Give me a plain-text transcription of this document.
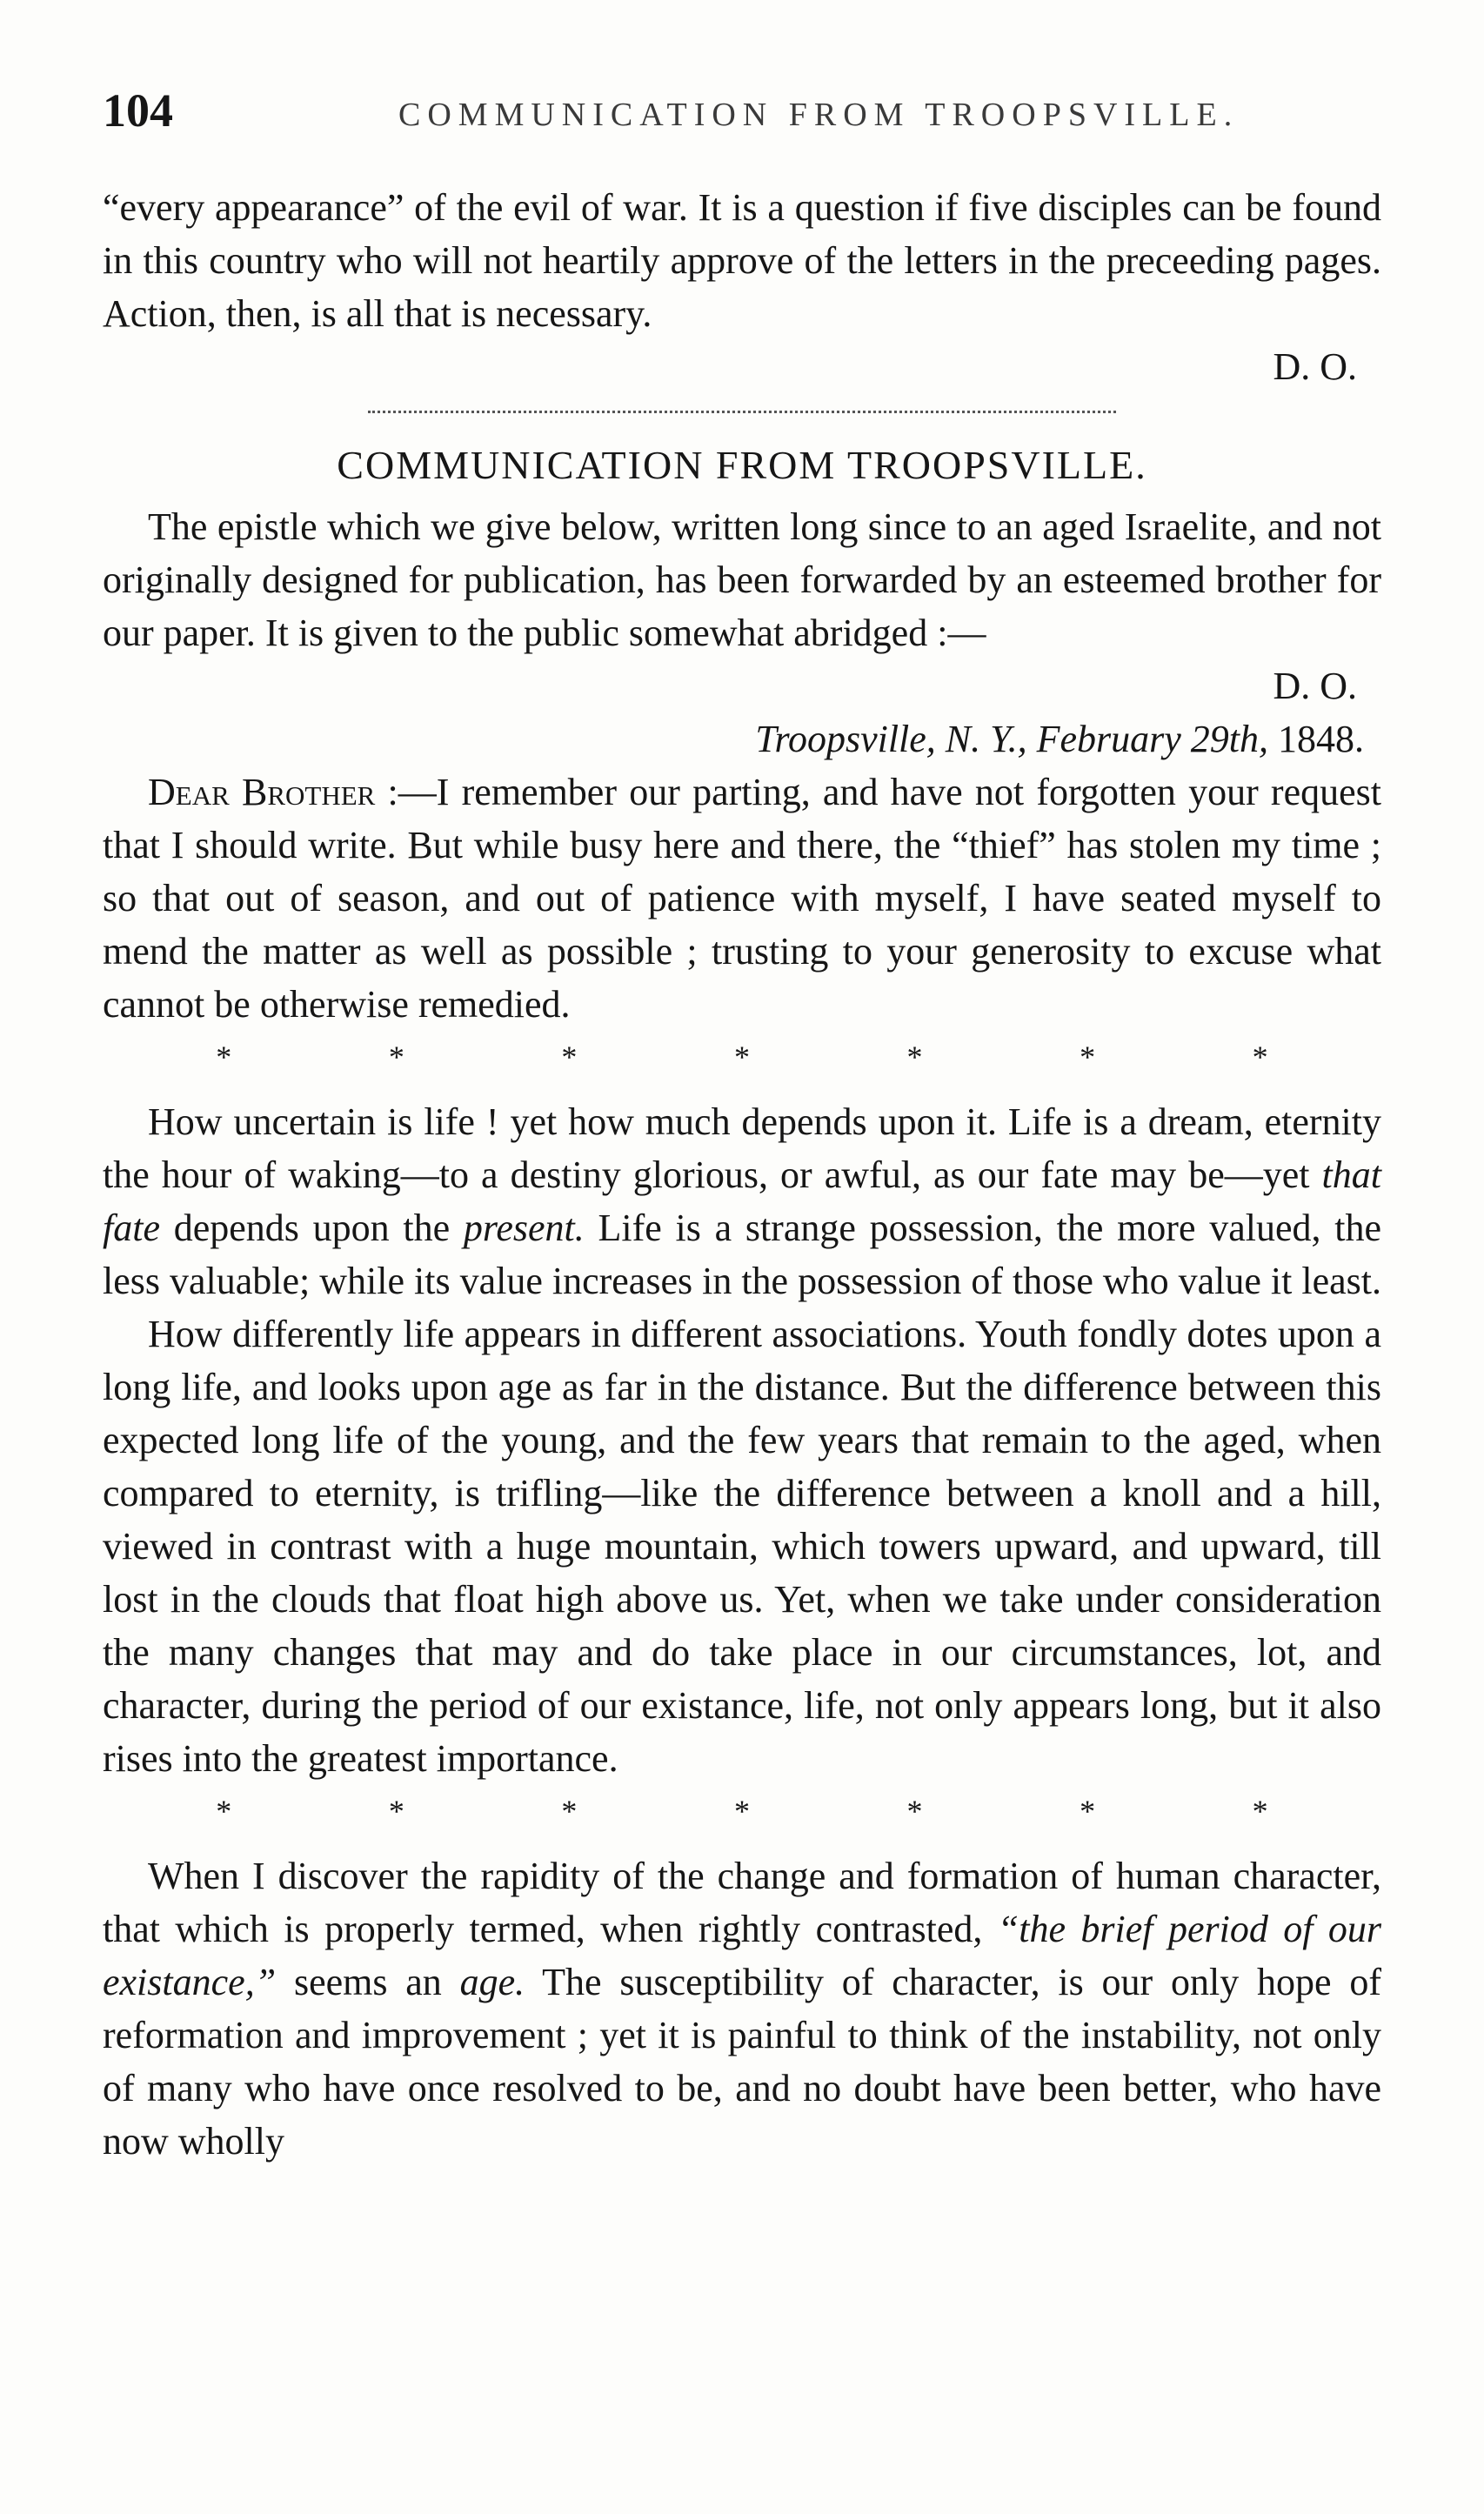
104	COMMUNICATION FROM TROOPSVILLE.

“every appearance” of the evil of war. It is a question if five disciples can be found in this country who will not heartily approve of the letters in the preceeding pages. Action, then, is all that is necessary.

D. O.

COMMUNICATION FROM TROOPSVILLE.

The epistle which we give below, written long since to an aged Israelite, and not originally designed for publication, has been forwarded by an esteemed brother for our paper. It is given to the public somewhat abridged :—

D. O.

Troopsville, N. Y., February 29th, 1848.

Dear Brother :—I remember our parting, and have not forgotten your request that I should write. But while busy here and there, the “thief” has stolen my time ; so that out of season, and out of patience with myself, I have seated myself to mend the matter as well as possible ; trusting to your generosity to excuse what cannot be otherwise remedied.

*	*	*	*	*	*	*

How uncertain is life ! yet how much depends upon it. Life is a dream, eternity the hour of waking—to a destiny glorious, or awful, as our fate may be—yet that fate depends upon the present. Life is a strange possession, the more valued, the less valuable; while its value increases in the possession of those who value it least.

How differently life appears in different associations. Youth fondly dotes upon a long life, and looks upon age as far in the distance. But the difference between this expected long life of the young, and the few years that remain to the aged, when compared to eternity, is trifling—like the difference between a knoll and a hill, viewed in contrast with a huge mountain, which towers upward, and upward, till lost in the clouds that float high above us. Yet, when we take under consideration the many changes that may and do take place in our circumstances, lot, and character, during the period of our existance, life, not only appears long, but it also rises into the greatest importance.

*	*	*	*	*	*	*

When I discover the rapidity of the change and formation of human character, that which is properly termed, when rightly contrasted, “the brief period of our existance,” seems an age. The susceptibility of character, is our only hope of reformation and improvement ; yet it is painful to think of the instability, not only of many who have once resolved to be, and no doubt have been better, who have now wholly
